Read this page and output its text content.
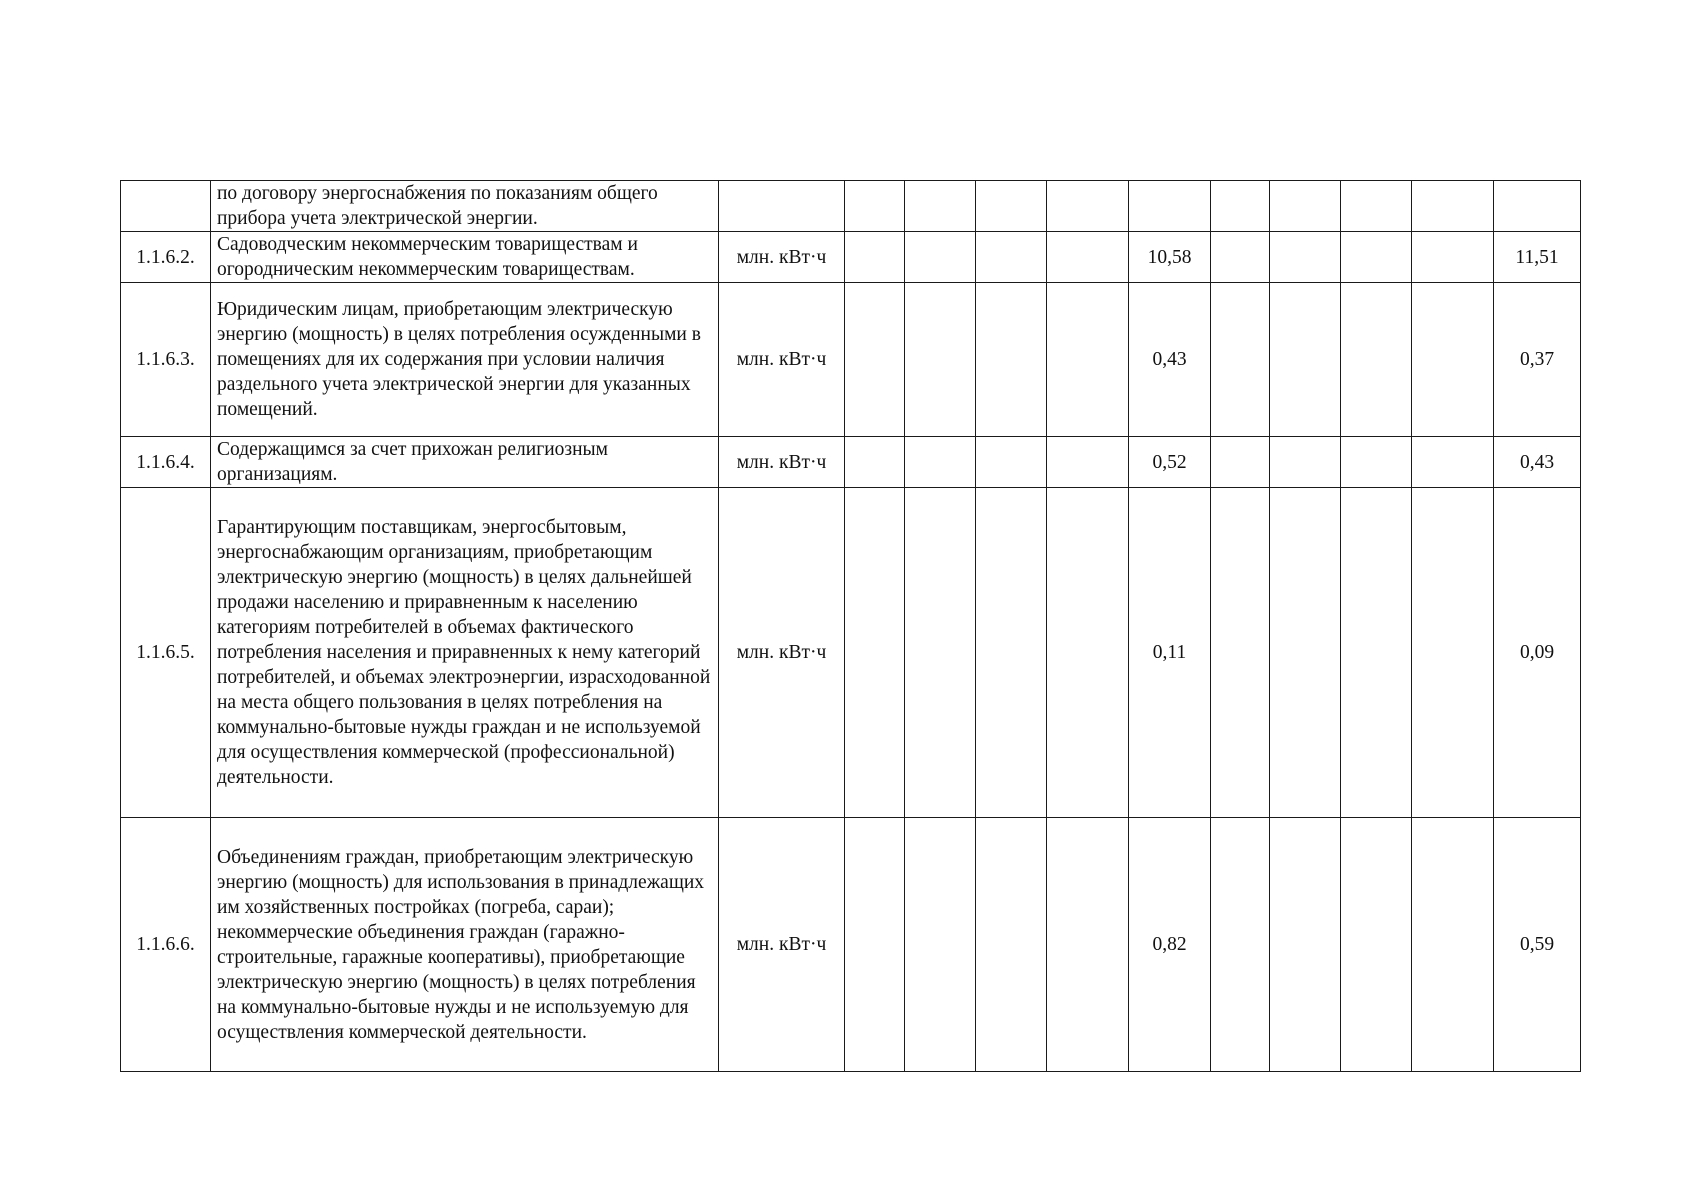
	по договору энергоснабжения по показаниям общего прибора учета электрической энергии.											
1.1.6.2.	Садоводческим некоммерческим товариществам и огородническим некоммерческим товариществам.	млн. кВт·ч					10,58					11,51
1.1.6.3.	Юридическим лицам, приобретающим электрическую энергию (мощность) в целях потребления осужденными в помещениях для их содержания при условии наличия раздельного учета электрической энергии для указанных помещений.	млн. кВт·ч					0,43					0,37
1.1.6.4.	Содержащимся за счет прихожан религиозным организациям.	млн. кВт·ч					0,52					0,43
1.1.6.5.	Гарантирующим поставщикам, энергосбытовым, энергоснабжающим организациям, приобретающим электрическую энергию (мощность) в целях дальнейшей продажи населению и приравненным к населению категориям потребителей в объемах фактического потребления населения и приравненных к нему категорий потребителей, и объемах электроэнергии, израсходованной на места общего пользования в целях потребления на коммунально-бытовые нужды граждан и не используемой для осуществления коммерческой (профессиональной) деятельности.	млн. кВт·ч					0,11					0,09
1.1.6.6.	Объединениям граждан, приобретающим электрическую энергию (мощность) для использования в принадлежащих им хозяйственных постройках (погреба, сараи); некоммерческие объединения граждан (гаражно-строительные, гаражные кооперативы), приобретающие электрическую энергию (мощность) в целях потребления на коммунально-бытовые нужды и не используемую для осуществления коммерческой деятельности.	млн. кВт·ч					0,82					0,59
